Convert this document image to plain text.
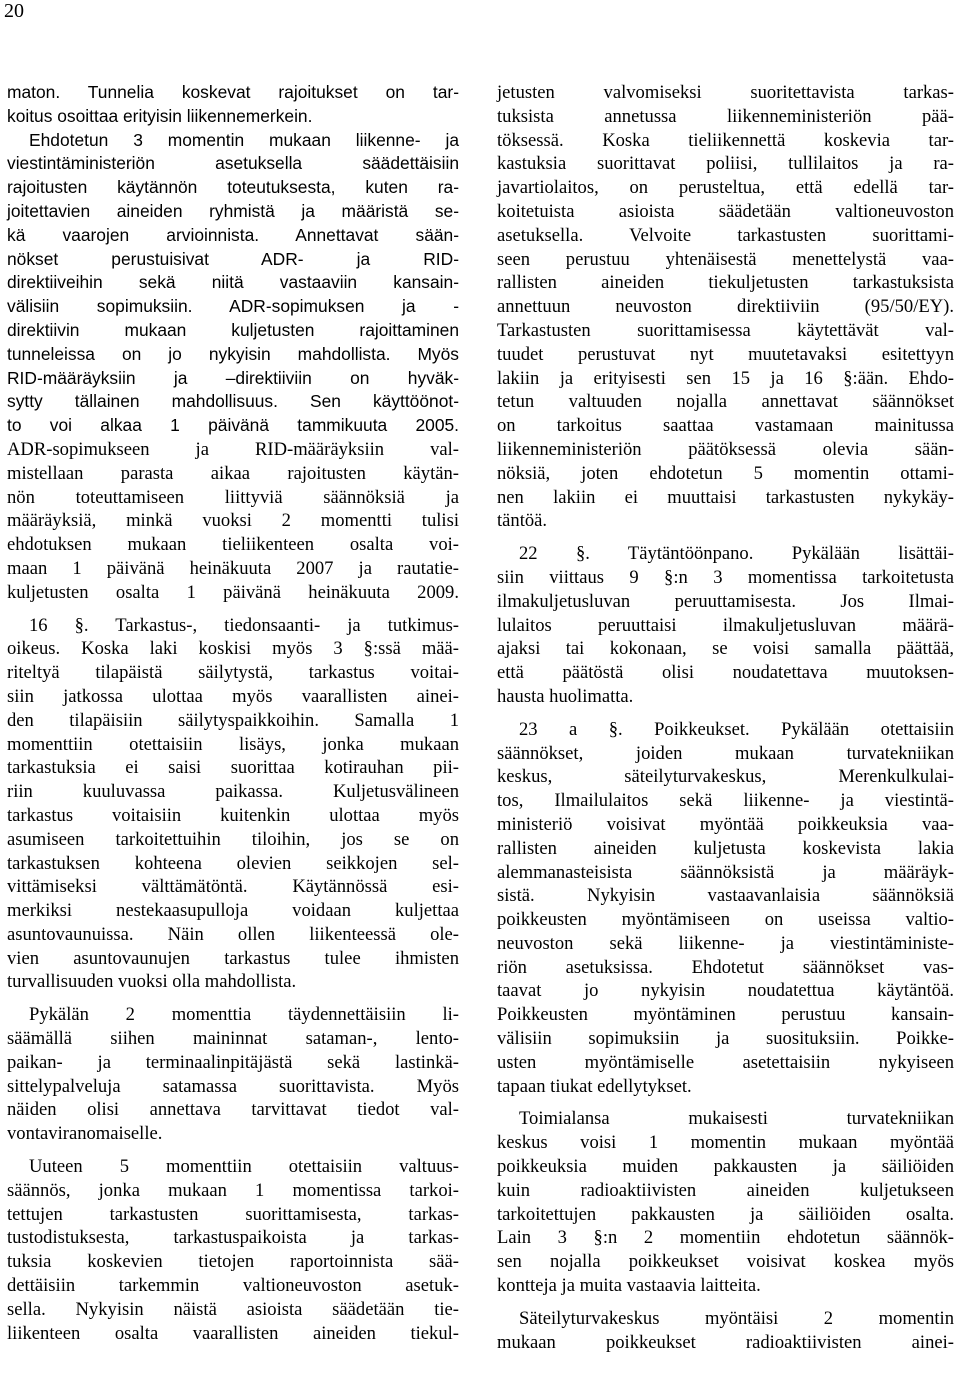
20
maton. Tunnelia koskevat rajoitukset on tar-
koitus osoittaa erityisin liikennemerkein.
Ehdotetun 3 momentin mukaan liikenne- ja
viestintäministeriön asetuksella säädettäisiin
rajoitusten käytännön toteutuksesta, kuten ra-
joitettavien aineiden ryhmistä ja määristä se-
kä vaarojen arvioinnista. Annettavat sään-
nökset perustuisivat ADR- ja RID-
direktiiveihin sekä niitä vastaaviin kansain-
välisiin sopimuksiin. ADR-sopimuksen ja -
direktiivin mukaan kuljetusten rajoittaminen
tunneleissa on jo nykyisin mahdollista. Myös
RID-määräyksiin ja –direktiiviin on hyväk-
sytty tällainen mahdollisuus. Sen käyttöönot-
to voi alkaa 1 päivänä tammikuuta 2005.
ADR-sopimukseen ja RID-määräyksiin val-
mistellaan parasta aikaa rajoitusten käytän-
nön toteuttamiseen liittyviä säännöksiä ja
määräyksiä, minkä vuoksi 2 momentti tulisi
ehdotuksen mukaan tieliikenteen osalta voi-
maan 1 päivänä heinäkuuta 2007 ja rautatie-
kuljetusten osalta 1 päivänä heinäkuuta 2009.
16 §. Tarkastus-, tiedonsaanti- ja tutkimus-
oikeus. Koska laki koskisi myös 3 §:ssä mää-
riteltyä tilapäistä säilytystä, tarkastus voitai-
siin jatkossa ulottaa myös vaarallisten ainei-
den tilapäisiin säilytyspaikkoihin. Samalla 1
momenttiin otettaisiin lisäys, jonka mukaan
tarkastuksia ei saisi suorittaa kotirauhan pii-
riin kuuluvassa paikassa. Kuljetusvälineen
tarkastus voitaisiin kuitenkin ulottaa myös
asumiseen tarkoitettuihin tiloihin, jos se on
tarkastuksen kohteena olevien seikkojen sel-
vittämiseksi välttämätöntä. Käytännössä esi-
merkiksi nestekaasupulloja voidaan kuljettaa
asuntovaunuissa. Näin ollen liikenteessä ole-
vien asuntovaunujen tarkastus tulee ihmisten
turvallisuuden vuoksi olla mahdollista.
Pykälän 2 momenttia täydennettäisiin li-
säämällä siihen maininnat sataman-, lento-
paikan- ja terminaalinpitäjästä sekä lastinkä-
sittelypalveluja satamassa suorittavista. Myös
näiden olisi annettava tarvittavat tiedot val-
vontaviranomaiselle.
Uuteen 5 momenttiin otettaisiin valtuus-
säännös, jonka mukaan 1 momentissa tarkoi-
tettujen tarkastusten suorittamisesta, tarkas-
tustodistuksesta, tarkastuspaikoista ja tarkas-
tuksia koskevien tietojen raportoinnista sää-
dettäisiin tarkemmin valtioneuvoston asetuk-
sella. Nykyisin näistä asioista säädetään tie-
liikenteen osalta vaarallisten aineiden tiekul-
jetusten valvomiseksi suoritettavista tarkas-
tuksista annetussa liikenneministeriön pää-
töksessä. Koska tieliikennettä koskevia tar-
kastuksia suorittavat poliisi, tullilaitos ja ra-
javartiolaitos, on perusteltua, että edellä tar-
koitetuista asioista säädetään valtioneuvoston
asetuksella. Velvoite tarkastusten suorittami-
seen perustuu yhtenäisestä menettelystä vaa-
rallisten aineiden tiekuljetusten tarkastuksista
annettuun neuvoston direktiiviin (95/50/EY).
Tarkastusten suorittamisessa käytettävät val-
tuudet perustuvat nyt muutetavaksi esitettyyn
lakiin ja erityisesti sen 15 ja 16 §:ään. Ehdo-
tetun valtuuden nojalla annettavat säännökset
on tarkoitus saattaa vastamaan mainitussa
liikenneministeriön päätöksessä olevia sään-
nöksiä, joten ehdotetun 5 momentin ottami-
nen lakiin ei muuttaisi tarkastusten nykykäy-
täntöä.
22 §. Täytäntöönpano. Pykälään lisättäi-
siin viittaus 9 §:n 3 momentissa tarkoitetusta
ilmakuljetusluvan peruuttamisesta. Jos Ilmai-
lulaitos peruuttaisi ilmakuljetusluvan määrä-
ajaksi tai kokonaan, se voisi samalla päättää,
että päätöstä olisi noudatettava muutoksen-
hausta huolimatta.
23 a §. Poikkeukset. Pykälään otettaisiin
säännökset, joiden mukaan turvatekniikan
keskus, säteilyturvakeskus, Merenkulkulai-
tos, Ilmailulaitos sekä liikenne- ja viestintä-
ministeriö voisivat myöntää poikkeuksia vaa-
rallisten aineiden kuljetusta koskevista lakia
alemmanasteisista säännöksistä ja määräyk-
sistä. Nykyisin vastaavanlaisia säännöksiä
poikkeusten myöntämiseen on useissa valtio-
neuvoston sekä liikenne- ja viestintäministe-
riön asetuksissa. Ehdotetut säännökset vas-
taavat jo nykyisin noudatettua käytäntöä.
Poikkeusten myöntäminen perustuu kansain-
välisiin sopimuksiin ja suosituksiin. Poikke-
usten myöntämiselle asetettaisiin nykyiseen
tapaan tiukat edellytykset.
Toimialansa mukaisesti turvatekniikan
keskus voisi 1 momentin mukaan myöntää
poikkeuksia muiden pakkausten ja säiliöiden
kuin radioaktiivisten aineiden kuljetukseen
tarkoitettujen pakkausten ja säiliöiden osalta.
Lain 3 §:n 2 momentiin ehdotetun säännök-
sen nojalla poikkeukset voisivat koskea myös
kontteja ja muita vastaavia laitteita.
Säteilyturvakeskus myöntäisi 2 momentin
mukaan poikkeukset radioaktiivisten ainei-
